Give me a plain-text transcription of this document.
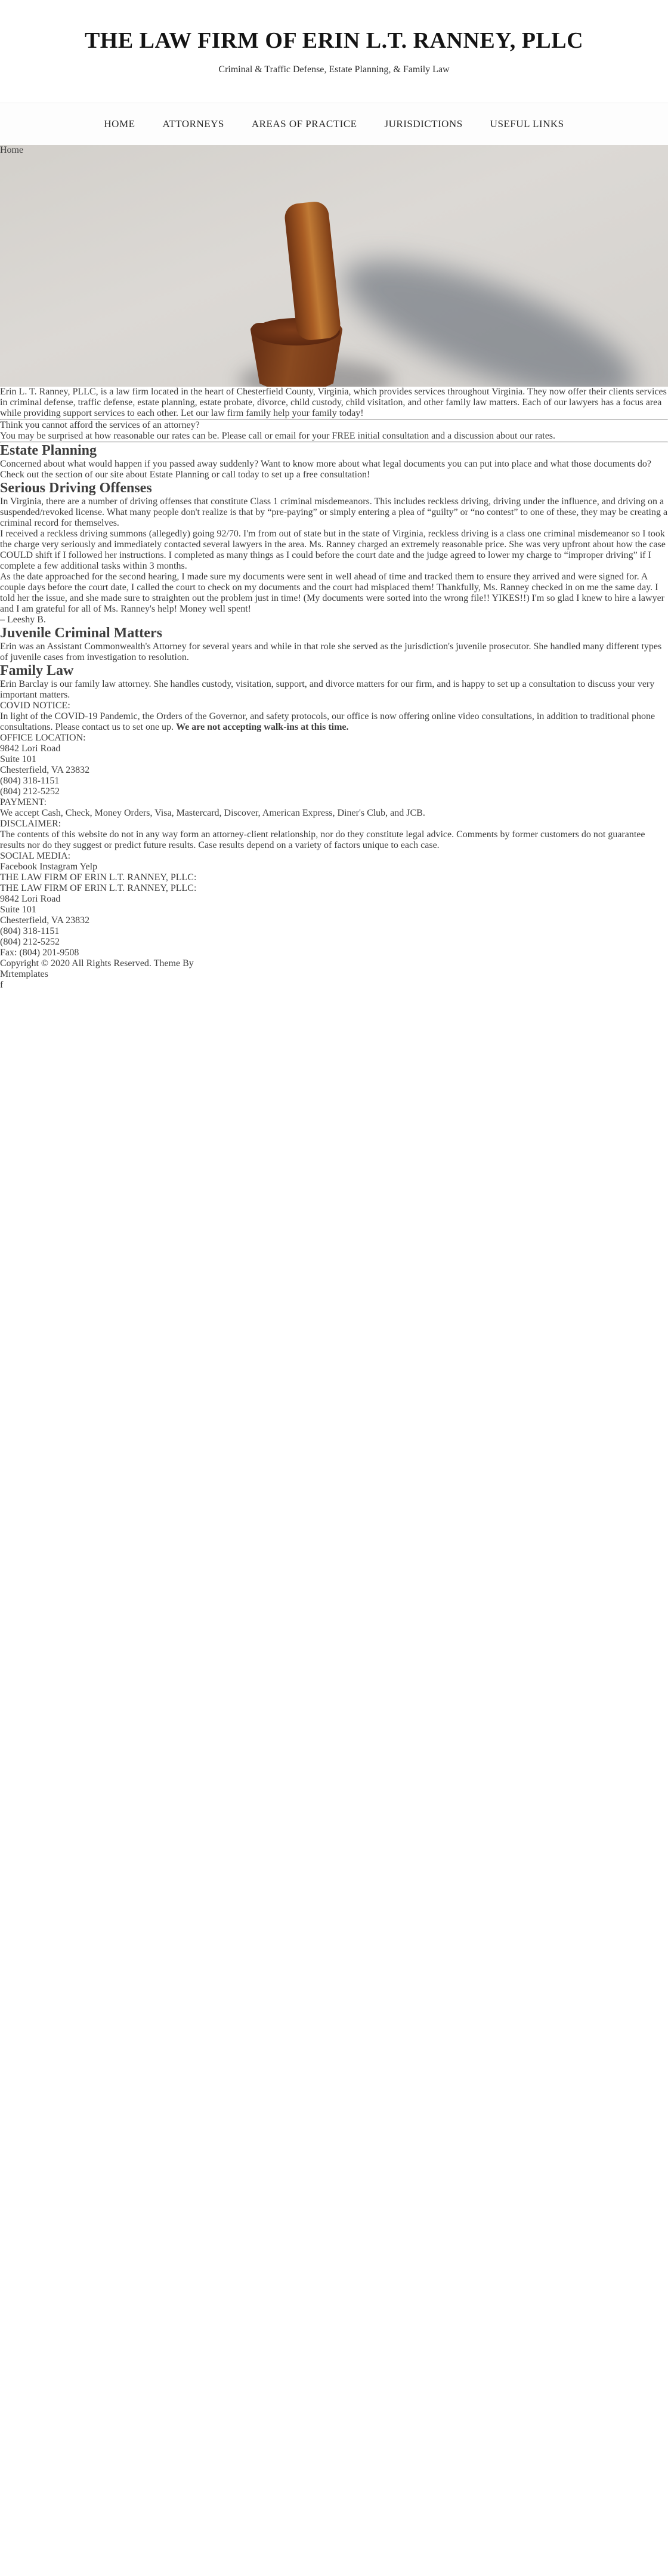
THE LAW FIRM OF ERIN L.T. RANNEY, PLLC
Criminal & Traffic Defense, Estate Planning, & Family Law
HOME	ATTORNEYS	AREAS OF PRACTICE	JURISDICTIONS	USEFUL LINKS
Home

Erin L. T. Ranney, PLLC, is a law firm located in the heart of Chesterfield County, Virginia, which provides services throughout Virginia. They now offer their clients services in criminal defense, traffic defense, estate planning, estate probate, divorce, child custody, child visitation, and other family law matters. Each of our lawyers has a focus area while providing support services to each other. Let our law firm family help your family today!

Think you cannot afford the services of an attorney?

You may be surprised at how reasonable our rates can be. Please call or email for your FREE initial consultation and a discussion about our rates.

Estate Planning

Concerned about what would happen if you passed away suddenly? Want to know more about what legal documents you can put into place and what those documents do? Check out the section of our site about Estate Planning or call today to set up a free consultation!

Serious Driving Offenses

In Virginia, there are a number of driving offenses that constitute Class 1 criminal misdemeanors. This includes reckless driving, driving under the influence, and driving on a suspended/revoked license. What many people don't realize is that by “pre-paying” or simply entering a plea of “guilty” or “no contest” to one of these, they may be creating a criminal record for themselves.

I received a reckless driving summons (allegedly) going 92/70. I'm from out of state but in the state of Virginia, reckless driving is a class one criminal misdemeanor so I took the charge very seriously and immediately contacted several lawyers in the area. Ms. Ranney charged an extremely reasonable price. She was very upfront about how the case COULD shift if I followed her instructions. I completed as many things as I could before the court date and the judge agreed to lower my charge to “improper driving” if I complete a few additional tasks within 3 months.

As the date approached for the second hearing, I made sure my documents were sent in well ahead of time and tracked them to ensure they arrived and were signed for. A couple days before the court date, I called the court to check on my documents and the court had misplaced them! Thankfully, Ms. Ranney checked in on me the same day. I told her the issue, and she made sure to straighten out the problem just in time! (My documents were sorted into the wrong file!! YIKES!!) I'm so glad I knew to hire a lawyer and I am grateful for all of Ms. Ranney's help! Money well spent!

– Leeshy B.
Juvenile Criminal Matters

Erin was an Assistant Commonwealth's Attorney for several years and while in that role she served as the jurisdiction's juvenile prosecutor. She handled many different types of juvenile cases from investigation to resolution.

Family Law

Erin Barclay is our family law attorney. She handles custody, visitation, support, and divorce matters for our firm, and is happy to set up a consultation to discuss your very important matters.

COVID NOTICE:
In light of the COVID-19 Pandemic, the Orders of the Governor, and safety protocols, our office is now offering online video consultations, in addition to traditional phone consultations. Please contact us to set one up. We are not accepting walk-ins at this time.
OFFICE LOCATION:
9842 Lori Road
Suite 101
Chesterfield, VA 23832
(804) 318-1151
(804) 212-5252
PAYMENT:
We accept Cash, Check, Money Orders, Visa, Mastercard, Discover, American Express, Diner's Club, and JCB.
DISCLAIMER:
The contents of this website do not in any way form an attorney-client relationship, nor do they constitute legal advice. Comments by former customers do not guarantee results nor do they suggest or predict future results. Case results depend on a variety of factors unique to each case.
SOCIAL MEDIA:
Facebook Instagram Yelp
THE LAW FIRM OF ERIN L.T. RANNEY, PLLC:
THE LAW FIRM OF ERIN L.T. RANNEY, PLLC:
9842 Lori Road
Suite 101
Chesterfield, VA 23832
(804) 318-1151
(804) 212-5252
Fax: (804) 201-9508
Copyright © 2020 All Rights Reserved. Theme By
Mrtemplates
f
